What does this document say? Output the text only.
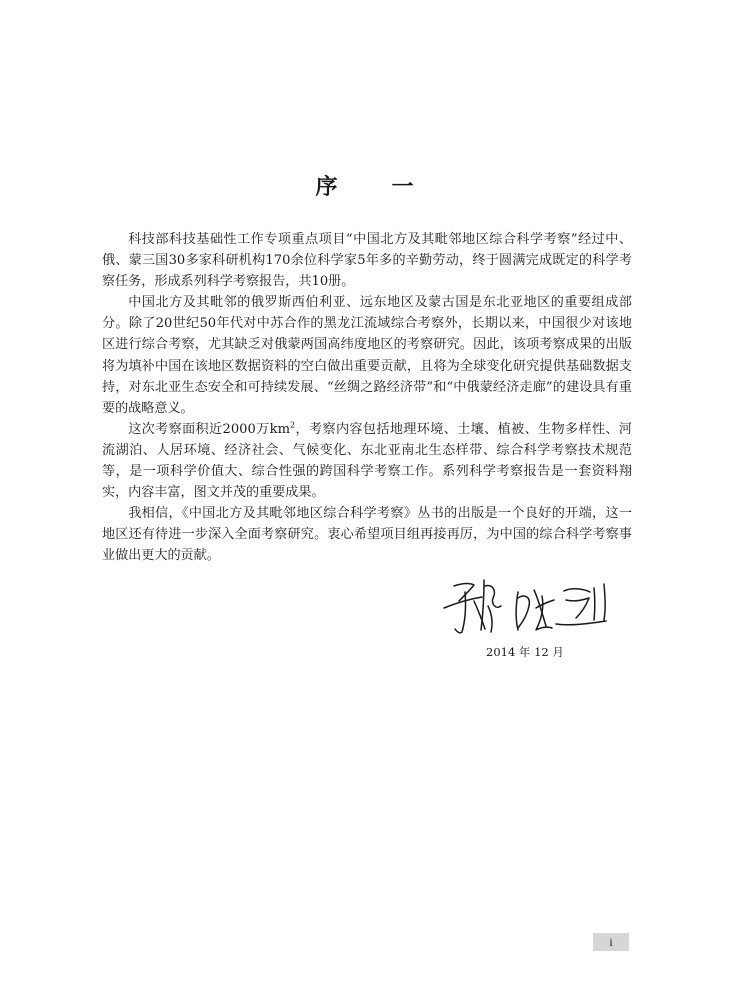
序一

科技部科技基础性工作专项重点项目“中国北方及其毗邻地区综合科学考察”经过中、俄、蒙三国30多家科研机构170余位科学家5年多的辛勤劳动，终于圆满完成既定的科学考察任务，形成系列科学考察报告，共10册。

中国北方及其毗邻的俄罗斯西伯利亚、远东地区及蒙古国是东北亚地区的重要组成部分。除了20世纪50年代对中苏合作的黑龙江流域综合考察外，长期以来，中国很少对该地区进行综合考察，尤其缺乏对俄蒙两国高纬度地区的考察研究。因此，该项考察成果的出版将为填补中国在该地区数据资料的空白做出重要贡献，且将为全球变化研究提供基础数据支持，对东北亚生态安全和可持续发展、“丝绸之路经济带”和“中俄蒙经济走廊”的建设具有重要的战略意义。

这次考察面积近2000万$km^2$，考察内容包括地理环境、土壤、植被、生物多样性、河流湖泊、人居环境、经济社会、气候变化、东北亚南北生态样带、综合科学考察技术规范等，是一项科学价值大、综合性强的跨国科学考察工作。系列科学考察报告是一套资料翔实，内容丰富，图文并茂的重要成果。

我相信，《中国北方及其毗邻地区综合科学考察》丛书的出版是一个良好的开端，这一地区还有待进一步深入全面考察研究。衷心希望项目组再接再厉，为中国的综合科学考察事业做出更大的贡献。

2014 年 12 月
i
